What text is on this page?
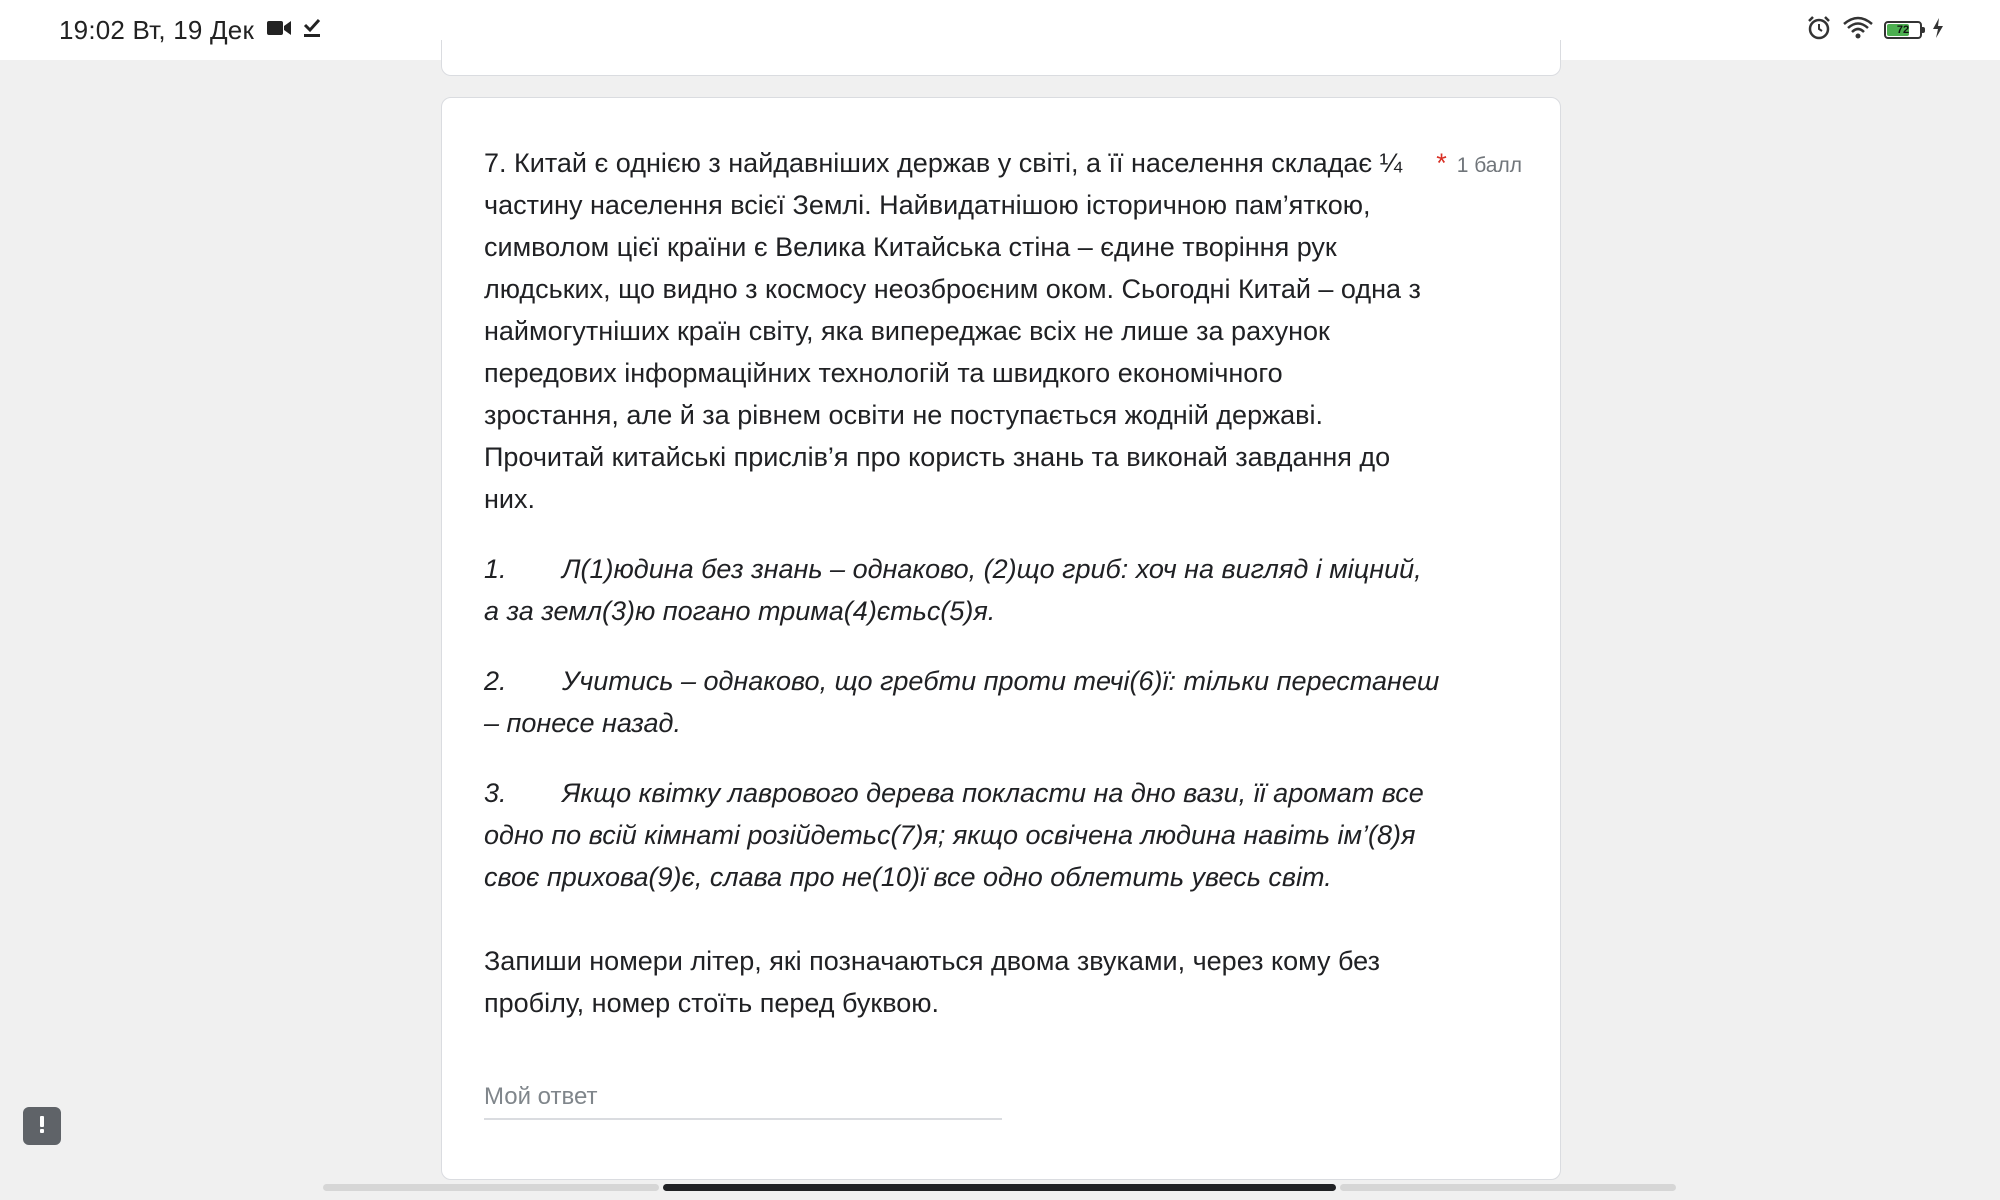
19:02 Вт, 19 Дек	72

7. Китай є однією з найдавніших держав у світі, а її населення складає ¼ частину населення всієї Землі. Найвидатнішою історичною пам’яткою, символом цієї країни є Велика Китайська стіна – єдине творіння рук людських, що видно з космосу неозброєним оком. Сьогодні Китай – одна з наймогутніших країн світу, яка випереджає всіх не лише за рахунок передових інформаційних технологій та швидкого економічного зростання, але й за рівнем освіти не поступається жодній державі. Прочитай китайські прислів’я про користь знань та виконай завдання до них.

* 1 балл

1. Л(1)юдина без знань – однаково, (2)що гриб: хоч на вигляд і міцний, а за земл(3)ю погано трима(4)єтьс(5)я.

2. Учитись – однаково, що гребти проти течі(6)ї: тільки перестанеш – понесе назад.

3. Якщо квітку лаврового дерева покласти на дно вази, її аромат все одно по всій кімнаті розійдетьс(7)я; якщо освічена людина навіть ім’(8)я своє прихова(9)є, слава про не(10)ї все одно облетить увесь світ.

Запиши номери літер, які позначаються двома звуками, через кому без пробілу, номер стоїть перед буквою.

Мой ответ
